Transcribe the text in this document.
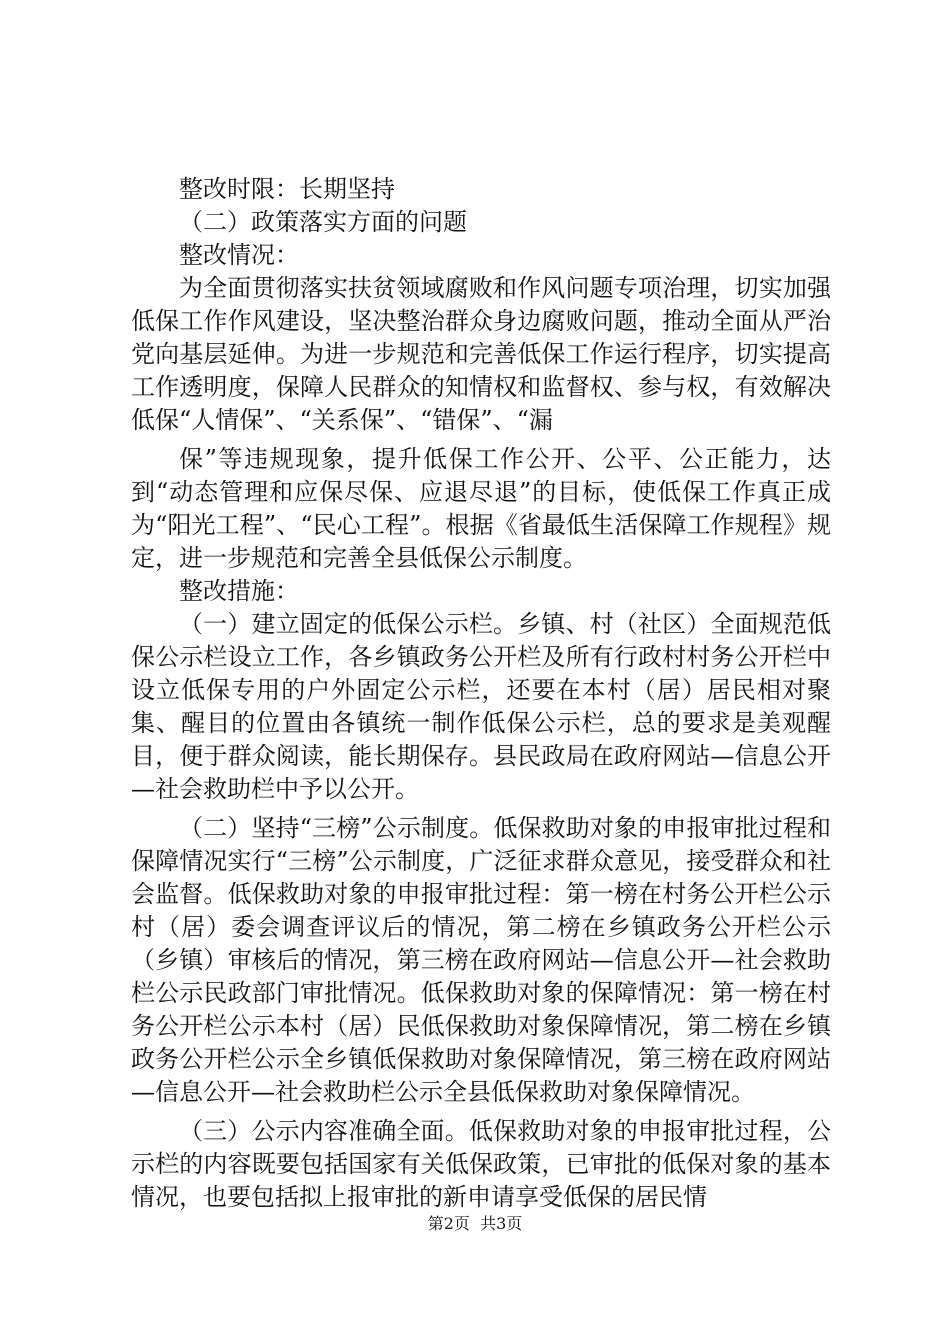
整改时限：长期坚持

（二）政策落实方面的问题

整改情况：

为全面贯彻落实扶贫领域腐败和作风问题专项治理，切实加强低保工作作风建设，坚决整治群众身边腐败问题，推动全面从严治党向基层延伸。为进一步规范和完善低保工作运行程序，切实提高工作透明度，保障人民群众的知情权和监督权、参与权，有效解决低保“人情保”、“关系保”、“错保”、“漏

保”等违规现象，提升低保工作公开、公平、公正能力，达到“动态管理和应保尽保、应退尽退”的目标，使低保工作真正成为“阳光工程”、“民心工程”。根据《省最低生活保障工作规程》规定，进一步规范和完善全县低保公示制度。

整改措施：

（一）建立固定的低保公示栏。乡镇、村（社区）全面规范低保公示栏设立工作，各乡镇政务公开栏及所有行政村村务公开栏中设立低保专用的户外固定公示栏，还要在本村（居）居民相对聚集、醒目的位置由各镇统一制作低保公示栏，总的要求是美观醒目，便于群众阅读，能长期保存。县民政局在政府网站—信息公开—社会救助栏中予以公开。

（二）坚持“三榜”公示制度。低保救助对象的申报审批过程和保障情况实行“三榜”公示制度，广泛征求群众意见，接受群众和社会监督。低保救助对象的申报审批过程：第一榜在村务公开栏公示村（居）委会调查评议后的情况，第二榜在乡镇政务公开栏公示（乡镇）审核后的情况，第三榜在政府网站—信息公开—社会救助栏公示民政部门审批情况。低保救助对象的保障情况：第一榜在村务公开栏公示本村（居）民低保救助对象保障情况，第二榜在乡镇政务公开栏公示全乡镇低保救助对象保障情况，第三榜在政府网站—信息公开—社会救助栏公示全县低保救助对象保障情况。

（三）公示内容准确全面。低保救助对象的申报审批过程，公示栏的内容既要包括国家有关低保政策，已审批的低保对象的基本情况，也要包括拟上报审批的新申请享受低保的居民情

第2页  共3页
